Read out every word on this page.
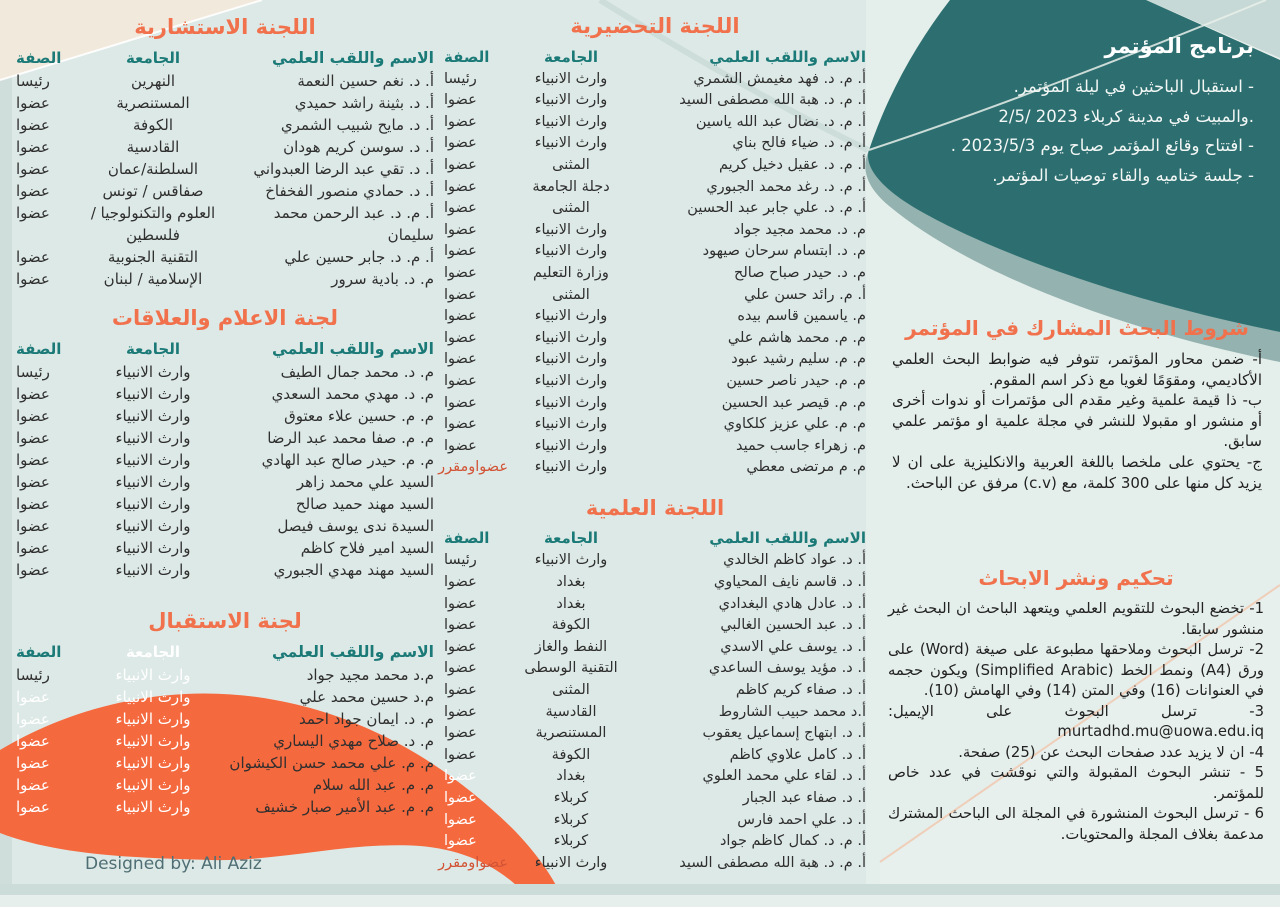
اللجنة الاستشارية
الاسم واللقب العلمي
الجامعة
الصفة
أ. د. نغم حسين النعمة
النهرين
رئيسا
أ. د. بثينة راشد حميدي
المستنصرية
عضوا
أ. د. مايح شبيب الشمري
الكوفة
عضوا
أ. د. سوسن كريم هودان
القادسية
عضوا
أ. د. تقي عبد الرضا العبدواني
السلطنة/عمان
عضوا
أ. د. حمادي منصور الفخفاخ
صفاقس / تونس
عضوا
أ. م. د. عبد الرحمن محمد سليمان
العلوم والتكنولوجيا / فلسطين
عضوا
أ. م. د. جابر حسين علي
التقنية الجنوبية
عضوا
م. د. بادية سرور
الإسلامية / لبنان
عضوا
لجنة الاعلام والعلاقات
الاسم واللقب العلمي
الجامعة
الصفة
م. د. محمد جمال الطيف
وارث الانبياء
رئيسا
م. د. مهدي محمد السعدي
وارث الانبياء
عضوا
م. م. حسين علاء معتوق
وارث الانبياء
عضوا
م. م. صفا محمد عبد الرضا
وارث الانبياء
عضوا
م. م. حيدر صالح عبد الهادي
وارث الانبياء
عضوا
السيد علي محمد زاهر
وارث الانبياء
عضوا
السيد مهند حميد صالح
وارث الانبياء
عضوا
السيدة ندى يوسف فيصل
وارث الانبياء
عضوا
السيد امير فلاح كاظم
وارث الانبياء
عضوا
السيد مهند مهدي الجبوري
وارث الانبياء
عضوا
لجنة الاستقبال
الاسم واللقب العلمي
الجامعة
الصفة
م.د محمد مجيد جواد
وارث الانبياء
رئيسا
م.د حسين محمد علي
وارث الانبياء
عضوا
م. د. ايمان جواد احمد
وارث الانبياء
عضوا
م. د. صلاح مهدي اليساري
وارث الانبياء
عضوا
م. م. علي محمد حسن الكيشوان
وارث الانبياء
عضوا
م. م. عبد الله سلام
وارث الانبياء
عضوا
م. م. عبد الأمير صبار خشيف
وارث الانبياء
عضوا
اللجنة التحضيرية
الاسم واللقب العلمي
الجامعة
الصفة
أ. م. د. فهد مغيمش الشمري
وارث الانبياء
رئيسا
أ. م. د. هبة الله مصطفى السيد
وارث الانبياء
عضوا
أ. م. د. نضال عبد الله ياسين
وارث الانبياء
عضوا
أ. م. د. ضياء فالح بناي
وارث الانبياء
عضوا
أ. م. د. عقيل دخيل كريم
المثنى
عضوا
أ. م. د. رغد محمد الجبوري
دجلة الجامعة
عضوا
أ. م. د. علي جابر عبد الحسين
المثنى
عضوا
م. د. محمد مجيد جواد
وارث الانبياء
عضوا
م. د. ابتسام سرحان صيهود
وارث الانبياء
عضوا
م. د. حيدر صباح صالح
وزارة التعليم
عضوا
أ. م. رائد حسن علي
المثنى
عضوا
م. ياسمين قاسم بيده
وارث الانبياء
عضوا
م. م. محمد هاشم علي
وارث الانبياء
عضوا
م. م. سليم رشيد عبود
وارث الانبياء
عضوا
م. م. حيدر ناصر حسين
وارث الانبياء
عضوا
م. م. قيصر عبد الحسين
وارث الانبياء
عضوا
م. م. علي عزيز كلكاوي
وارث الانبياء
عضوا
م. زهراء جاسب حميد
وارث الانبياء
عضوا
م. م مرتضى معطي
وارث الانبياء
عضواومقرر
اللجنة العلمية
الاسم واللقب العلمي
الجامعة
الصفة
أ. د. عواد كاظم الخالدي
وارث الانبياء
رئيسا
أ. د. قاسم نايف المحياوي
بغداد
عضوا
أ. د. عادل هادي البغدادي
بغداد
عضوا
أ. د. عبد الحسين الغالبي
الكوفة
عضوا
أ. د. يوسف علي الاسدي
النفط والغاز
عضوا
أ. د. مؤيد يوسف الساعدي
التقنية الوسطى
عضوا
أ. د. صفاء كريم كاظم
المثنى
عضوا
أ.د محمد حبيب الشاروط
القادسية
عضوا
أ. د. ابتهاج إسماعيل يعقوب
المستنصرية
عضوا
أ. د. كامل علاوي كاظم
الكوفة
عضوا
أ. د. لقاء علي محمد العلوي
بغداد
عضوا
أ. د. صفاء عبد الجبار
كربلاء
عضوا
أ. د. علي احمد فارس
كربلاء
عضوا
أ. م. د. كمال كاظم جواد
كربلاء
عضوا
أ. م. د. هبة الله مصطفى السيد
وارث الانبياء
عضواومقرر
برنامج المؤتمر
- استقبال الباحثين في ليلة المؤتمر.
2/5/ 2023 والمبيت في مدينة كربلاء.
- افتتاح وقائع المؤتمر صباح يوم 2023/5/3 .
- جلسة ختاميه والقاء توصيات المؤتمر.
شروط البحث المشارك في المؤتمر
أ- ضمن محاور المؤتمر، تتوفر فيه ضوابط البحث العلمي الأكاديمي، ومقوَمًا لغويا مع ذكر اسم المقوم.
ب- ذا قيمة علمية وغير مقدم الى مؤتمرات أو ندوات أخرى أو منشور او مقبولا للنشر في مجلة علمية او مؤتمر علمي سابق.
ج- يحتوي على ملخصا باللغة العربية والانكليزية على ان لا يزيد كل منها على 300 كلمة، مع (c.v) مرفق عن الباحث.
تحكيم ونشر الابحاث
1- تخضع البحوث للتقويم العلمي ويتعهد الباحث ان البحث غير منشور سابقا.
2- ترسل البحوث وملاحقها مطبوعة على صيغة (Word) على ورق (A4) ونمط الخط (Simplified Arabic) ويكون حجمه في العنوانات (16) وفي المتن (14) وفي الهامش (10).
3- ترسل البحوث على الإيميل: murtadhd.mu@uowa.edu.iq
4- ان لا يزيد عدد صفحات البحث عن (25) صفحة.
5 - تنشر البحوث المقبولة والتي نوقشت في عدد خاص للمؤتمر.
6 - ترسل البحوث المنشورة في المجلة الى الباحث المشترك مدعمة بغلاف المجلة والمحتويات.
Designed by: Ali Aziz
